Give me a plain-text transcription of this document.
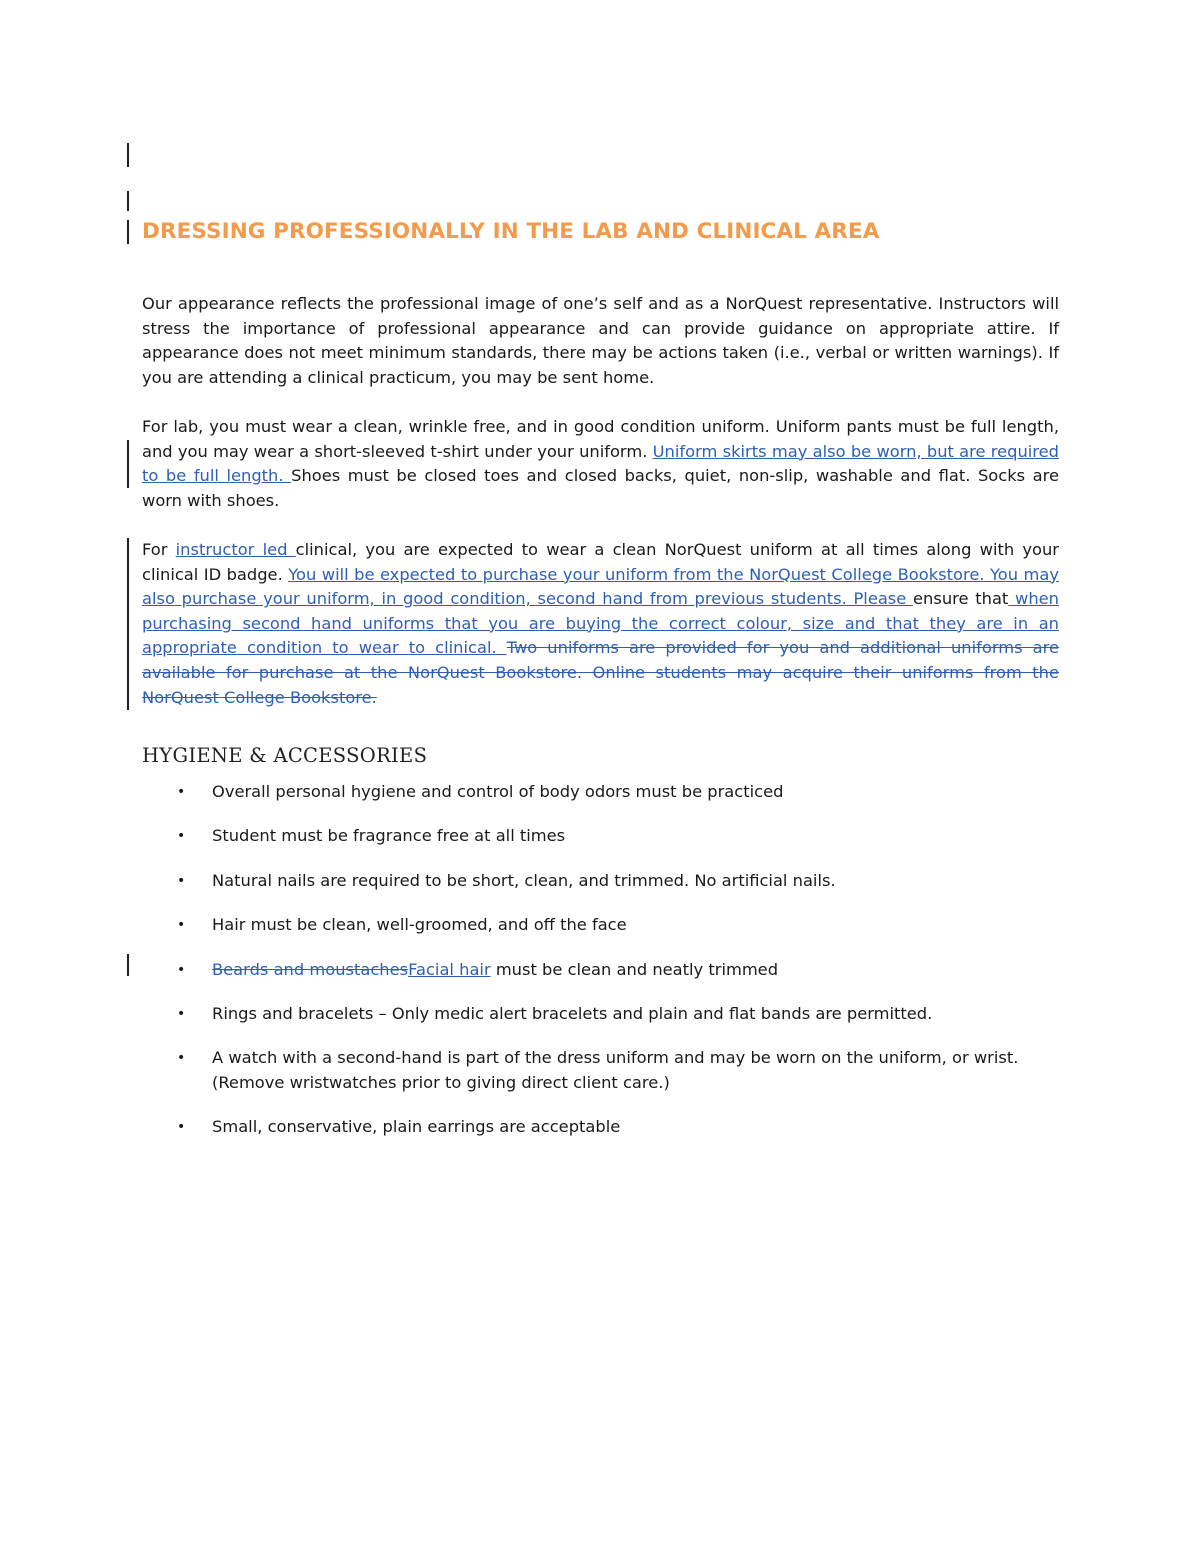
DRESSING PROFESSIONALLY IN THE LAB AND CLINICAL AREA

Our appearance reflects the professional image of one’s self and as a NorQuest representative. Instructors will stress the importance of professional appearance and can provide guidance on appropriate attire. If appearance does not meet minimum standards, there may be actions taken (i.e., verbal or written warnings). If you are attending a clinical practicum, you may be sent home.

For lab, you must wear a clean, wrinkle free, and in good condition uniform. Uniform pants must be full length, and you may wear a short-sleeved t-shirt under your uniform. Uniform skirts may also be worn, but are required to be full length. Shoes must be closed toes and closed backs, quiet, non-slip, washable and flat. Socks are worn with shoes.

For instructor led clinical, you are expected to wear a clean NorQuest uniform at all times along with your clinical ID badge. You will be expected to purchase your uniform from the NorQuest College Bookstore. You may also purchase your uniform, in good condition, second hand from previous students. Please ensure that when purchasing second hand uniforms that you are buying the correct colour, size and that they are in an appropriate condition to wear to clinical. Two uniforms are provided for you and additional uniforms are available for purchase at the NorQuest Bookstore. Online students may acquire their uniforms from the NorQuest College Bookstore.

HYGIENE & ACCESSORIES
• Overall personal hygiene and control of body odors must be practiced
• Student must be fragrance free at all times
• Natural nails are required to be short, clean, and trimmed. No artificial nails.
• Hair must be clean, well-groomed, and off the face
• Beards and moustachesFacial hair must be clean and neatly trimmed
• Rings and bracelets – Only medic alert bracelets and plain and flat bands are permitted.
• A watch with a second-hand is part of the dress uniform and may be worn on the uniform, or wrist. (Remove wristwatches prior to giving direct client care.)
• Small, conservative, plain earrings are acceptable
